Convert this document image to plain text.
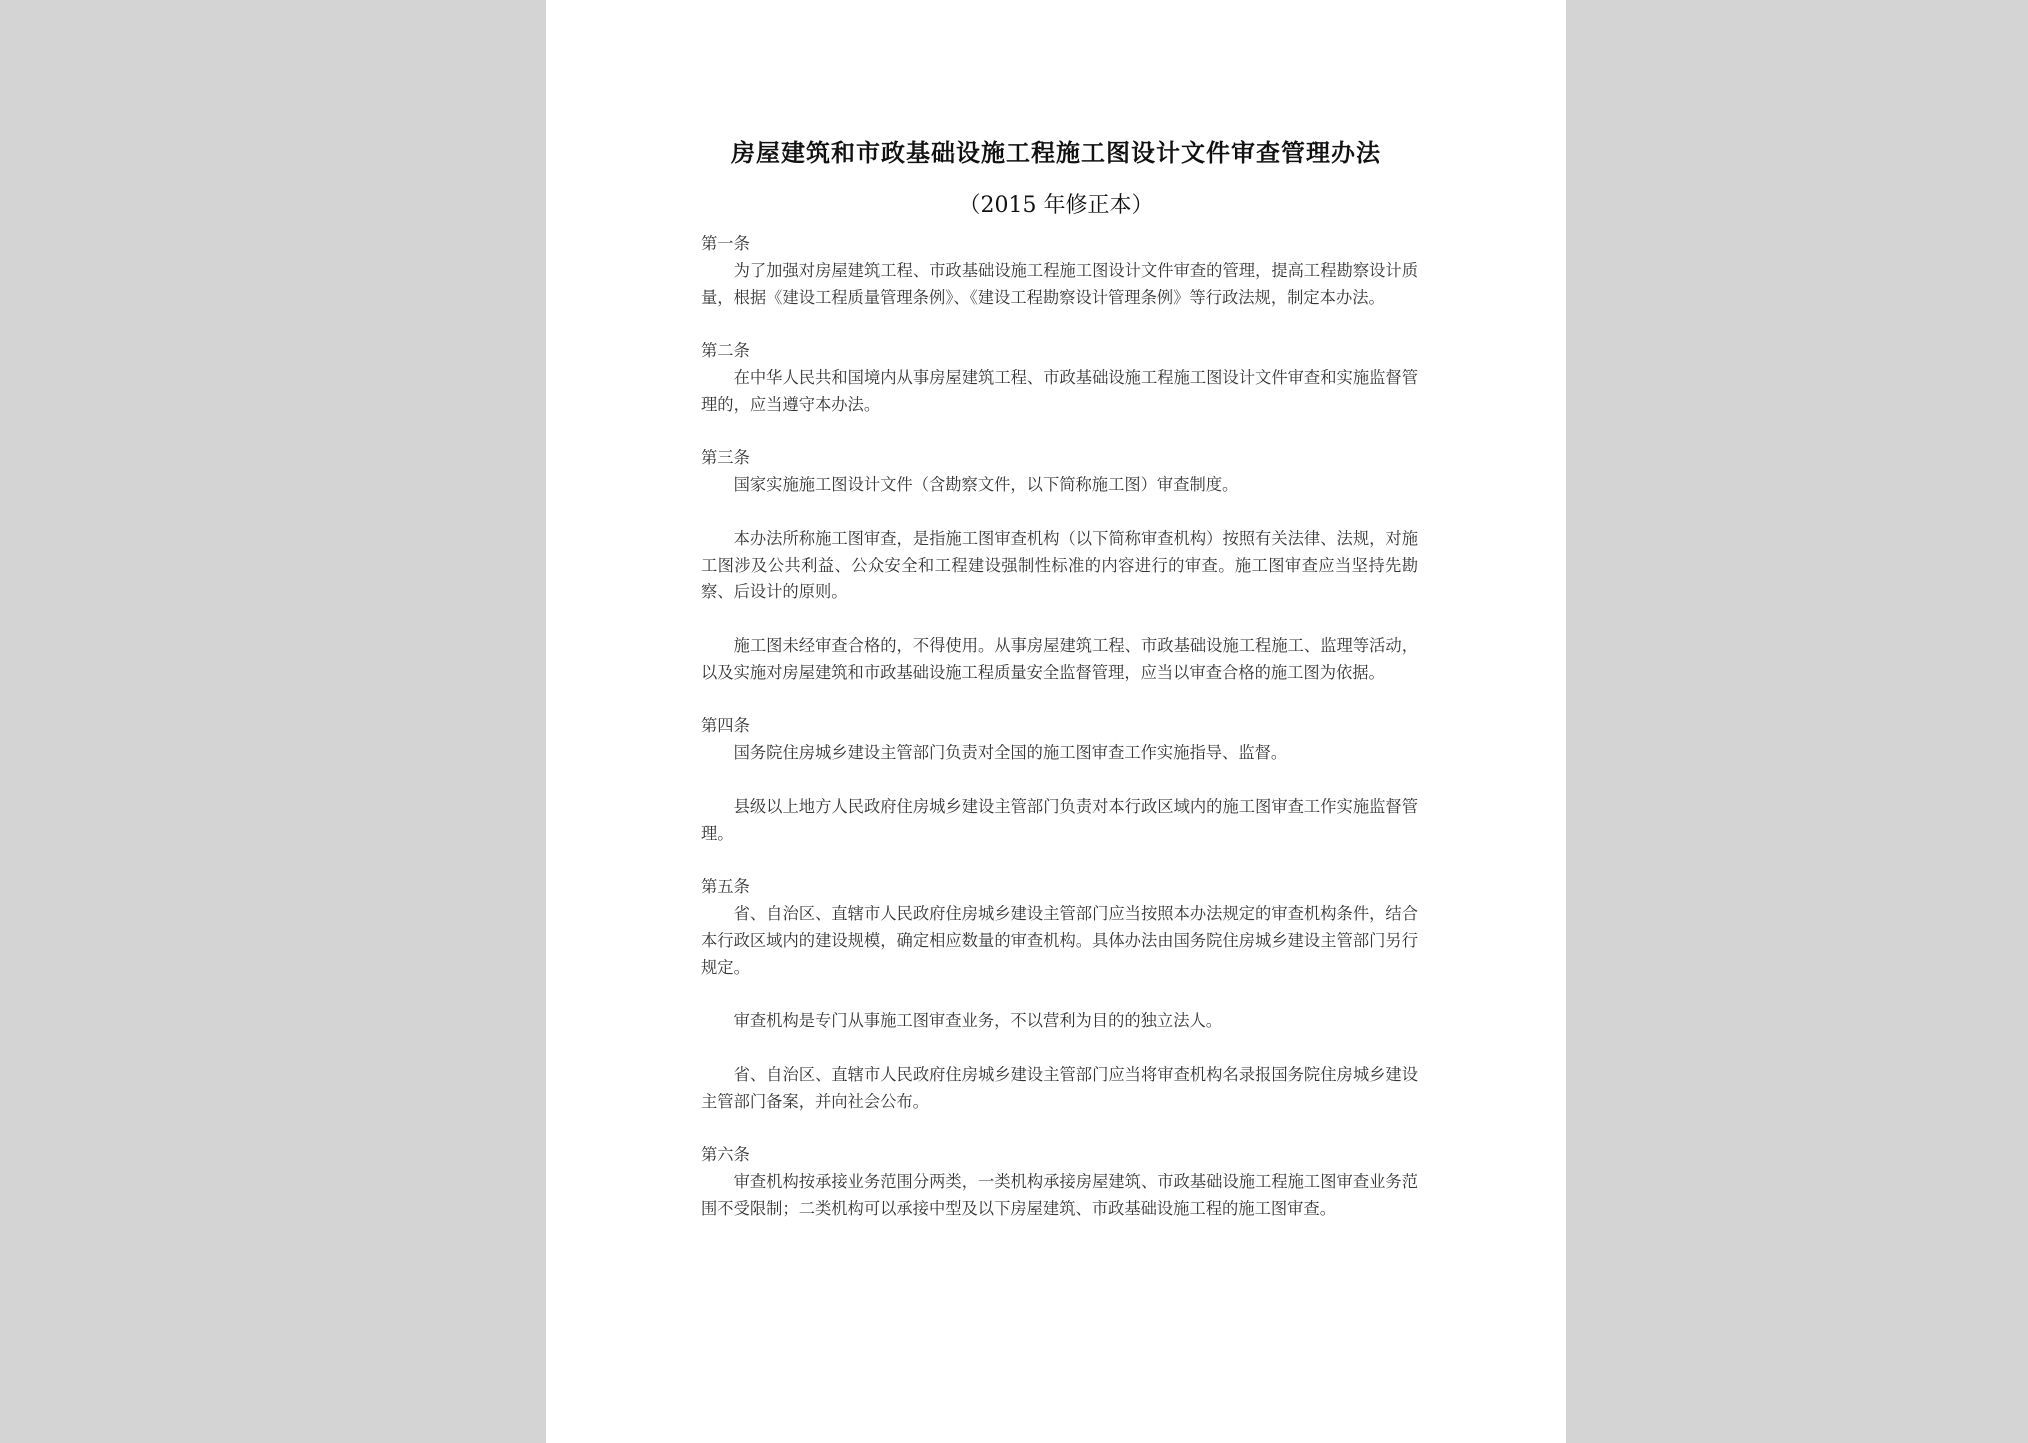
房屋建筑和市政基础设施工程施工图设计文件审查管理办法
（2015 年修正本）
第一条

为了加强对房屋建筑工程、市政基础设施工程施工图设计文件审查的管理，提高工程勘察设计质量，根据《建设工程质量管理条例》、《建设工程勘察设计管理条例》等行政法规，制定本办法。

第二条

在中华人民共和国境内从事房屋建筑工程、市政基础设施工程施工图设计文件审查和实施监督管理的，应当遵守本办法。

第三条

国家实施施工图设计文件（含勘察文件，以下简称施工图）审查制度。

本办法所称施工图审查，是指施工图审查机构（以下简称审查机构）按照有关法律、法规，对施工图涉及公共利益、公众安全和工程建设强制性标准的内容进行的审查。施工图审查应当坚持先勘察、后设计的原则。

施工图未经审查合格的，不得使用。从事房屋建筑工程、市政基础设施工程施工、监理等活动，以及实施对房屋建筑和市政基础设施工程质量安全监督管理，应当以审查合格的施工图为依据。

第四条

国务院住房城乡建设主管部门负责对全国的施工图审查工作实施指导、监督。

县级以上地方人民政府住房城乡建设主管部门负责对本行政区域内的施工图审查工作实施监督管理。

第五条

省、自治区、直辖市人民政府住房城乡建设主管部门应当按照本办法规定的审查机构条件，结合本行政区域内的建设规模，确定相应数量的审查机构。具体办法由国务院住房城乡建设主管部门另行规定。

审查机构是专门从事施工图审查业务，不以营利为目的的独立法人。

省、自治区、直辖市人民政府住房城乡建设主管部门应当将审查机构名录报国务院住房城乡建设主管部门备案，并向社会公布。

第六条

审查机构按承接业务范围分两类，一类机构承接房屋建筑、市政基础设施工程施工图审查业务范围不受限制；二类机构可以承接中型及以下房屋建筑、市政基础设施工程的施工图审查。
